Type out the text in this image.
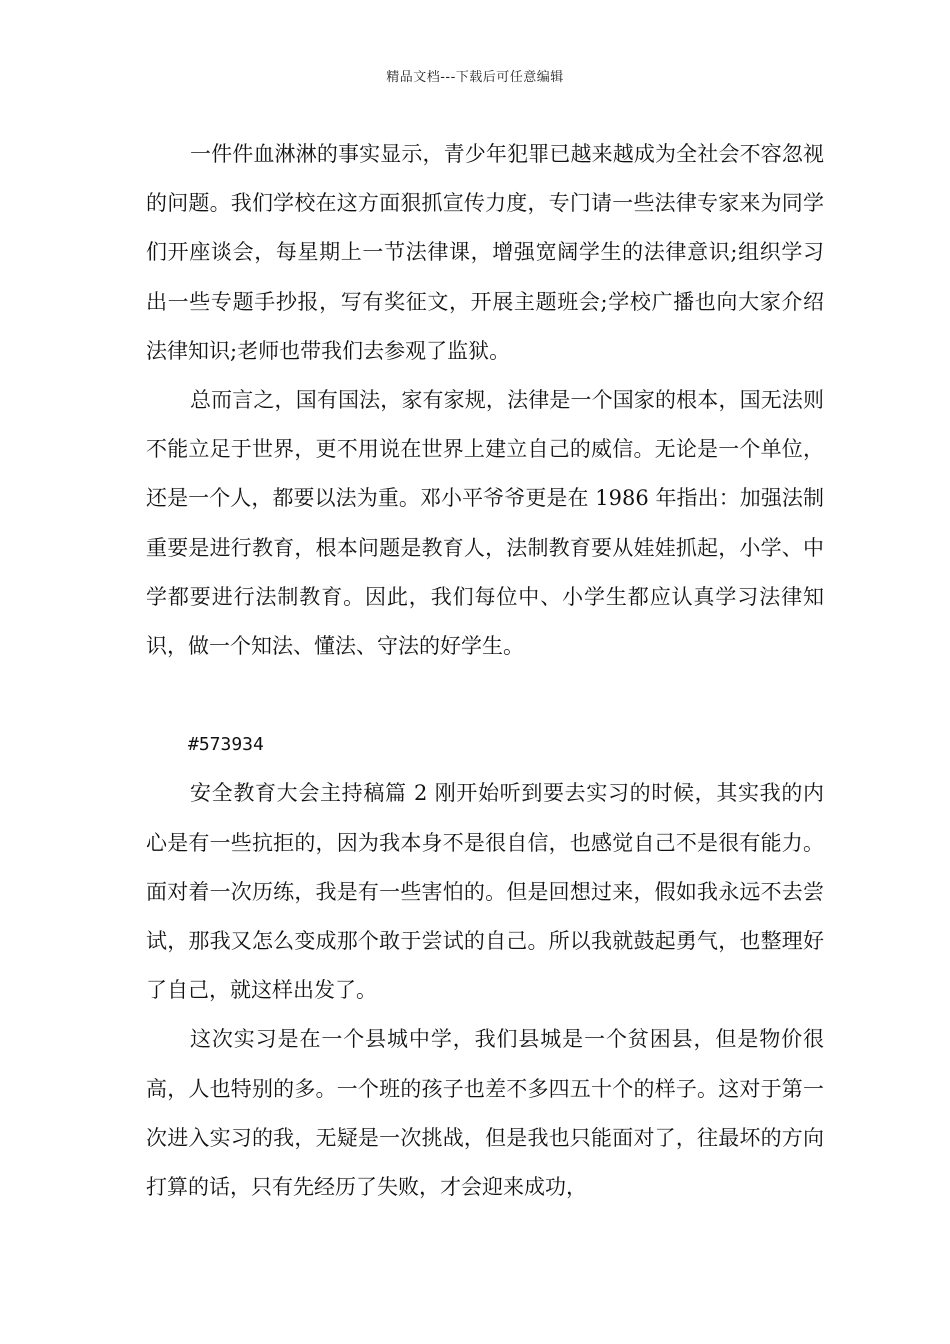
精品文档---下载后可任意编辑

一件件血淋淋的事实显示，青少年犯罪已越来越成为全社会不容忽视的问题。我们学校在这方面狠抓宣传力度，专门请一些法律专家来为同学们开座谈会，每星期上一节法律课，增强宽阔学生的法律意识;组织学习出一些专题手抄报，写有奖征文，开展主题班会;学校广播也向大家介绍法律知识;老师也带我们去参观了监狱。

总而言之，国有国法，家有家规，法律是一个国家的根本，国无法则不能立足于世界，更不用说在世界上建立自己的威信。无论是一个单位，还是一个人，都要以法为重。邓小平爷爷更是在 1986 年指出：加强法制重要是进行教育，根本问题是教育人，法制教育要从娃娃抓起，小学、中学都要进行法制教育。因此，我们每位中、小学生都应认真学习法律知识，做一个知法、懂法、守法的好学生。

#573934

安全教育大会主持稿篇 2 刚开始听到要去实习的时候，其实我的内心是有一些抗拒的，因为我本身不是很自信，也感觉自己不是很有能力。面对着一次历练，我是有一些害怕的。但是回想过来，假如我永远不去尝试，那我又怎么变成那个敢于尝试的自己。所以我就鼓起勇气，也整理好了自己，就这样出发了。

这次实习是在一个县城中学，我们县城是一个贫困县，但是物价很高，人也特别的多。一个班的孩子也差不多四五十个的样子。这对于第一次进入实习的我，无疑是一次挑战，但是我也只能面对了，往最坏的方向打算的话，只有先经历了失败，才会迎来成功，
